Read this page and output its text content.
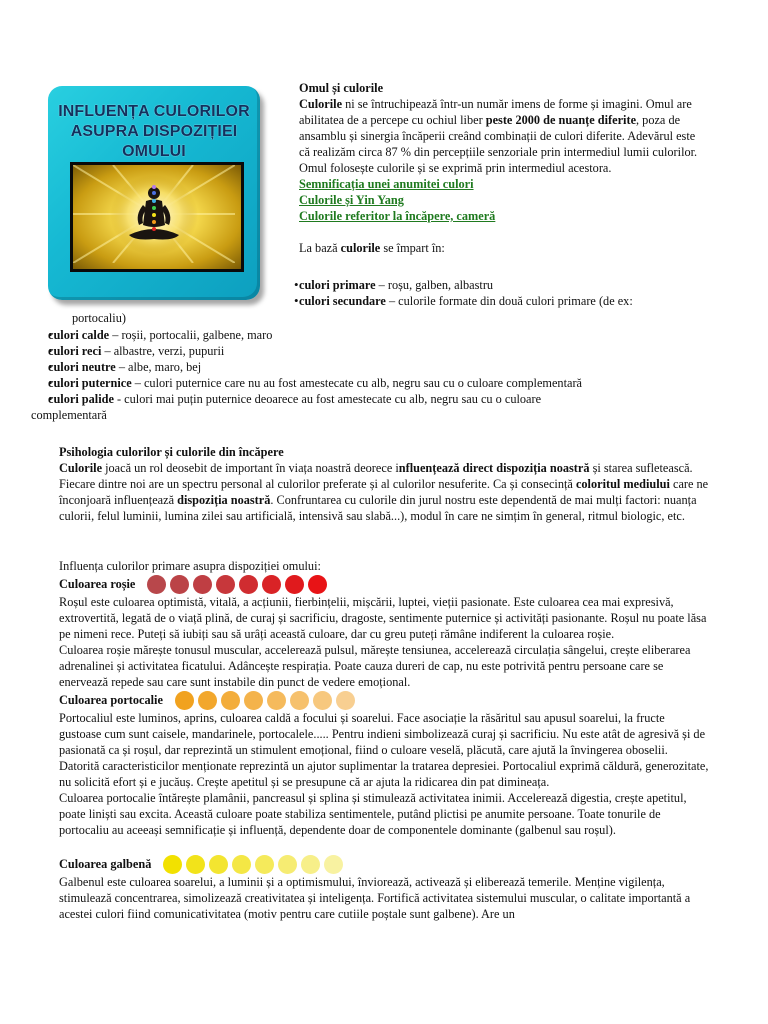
INFLUENȚA CULORILOR
ASUPRA DISPOZIȚIEI OMULUI

Omul și culorile

Culorile ni se întruchipează într-un număr imens de forme și imagini. Omul are abilitatea de a percepe cu ochiul liber peste 2000 de nuanțe diferite, poza de ansamblu și sinergia încăperii creând combinații de culori diferite. Adevărul este că realizăm circa 87 % din percepțiile senzoriale prin intermediul lumii culorilor. Omul folosește culorile și se exprimă prin intermediul acestora.

Semnificația unei anumitei culori
Culorile și Yin Yang
Culorile referitor la încăpere, cameră

La bază culorile se împart în:

• culori primare – roșu, galben, albastru
• culori secundare – culorile formate din două culori primare (de ex:
portocaliu)
• culori calde – roșii, portocalii, galbene, maro
• culori reci – albastre, verzi, pupurii
• culori neutre – albe, maro, bej
• culori puternice – culori puternice care nu au fost amestecate cu alb, negru sau cu o culoare complementară
• culori palide - culori mai puțin puternice deoarece au fost amestecate cu alb, negru sau cu o culoare
complementară

Psihologia culorilor și culorile din încăpere

Culorile joacă un rol deosebit de important în viața noastră deorece influențează direct dispoziția noastră și starea sufletească. Fiecare dintre noi are un spectru personal al culorilor preferate și al culorilor nesuferite. Ca și consecință coloritul mediului care ne înconjoară influențează dispoziția noastră. Confruntarea cu culorile din jurul nostru este dependentă de mai mulți factori: nuanța culorii, felul luminii, lumina zilei sau artificială, intensivă sau slabă...), modul în care ne simțim în general, ritmul biologic, etc.

Influența culorilor primare asupra dispoziției omului:

Culoarea roșie

Roșul este culoarea optimistă, vitală, a acțiunii, fierbințelii, mișcării, luptei, vieții pasionate. Este culoarea cea mai expresivă, extrovertită, legată de o viață plină, de curaj și sacrificiu, dragoste, sentimente puternice și activități pasionante. Roșul nu poate lăsa pe nimeni rece. Puteți să iubiți sau să urâți această culoare, dar cu greu puteți rămâne indiferent la culoarea roșie.

Culoarea roșie mărește tonusul muscular, accelerează pulsul, mărește tensiunea, accelerează circulația sângelui, crește eliberarea adrenalinei și activitatea ficatului. Adâncește respirația. Poate cauza dureri de cap, nu este potrivită pentru persoane care se enervează repede sau care sunt instabile din punct de vedere emoțional.

Culoarea portocalie

Portocaliul este luminos, aprins, culoarea caldă a focului și soarelui. Face asociație la răsăritul sau apusul soarelui, la fructe gustoase cum sunt caisele, mandarinele, portocalele..... Pentru indieni simbolizează curaj și sacrificiu. Nu este atât de agresivă și de pasionată ca și roșul, dar reprezintă un stimulent emoțional, fiind o culoare veselă, plăcută, care ajută la învingerea oboselii. Datorită caracteristicilor menționate reprezintă un ajutor suplimentar la tratarea depresiei. Portocaliul exprimă căldură, generozitate, nu solicită efort și e jucăuș. Crește apetitul și se presupune că ar ajuta la ridicarea din pat dimineața.

Culoarea portocalie întărește plamânii, pancreasul și splina și stimulează activitatea inimii. Accelerează digestia, crește apetitul, poate liniști sau excita. Această culoare poate stabiliza sentimentele, putând plictisi pe anumite persoane. Toate tonurile de portocaliu au aceeași semnificație și influență, dependente doar de componentele dominante (galbenul sau roșul).

Culoarea galbenă

Galbenul este culoarea soarelui, a luminii și a optimismului, înviorează, activează și eliberează temerile. Menține vigilența, stimulează concentrarea, simolizează creativitatea și inteligența. Fortifică activitatea sistemului muscular, o calitate importantă a acestei culori fiind comunicativitatea (motiv pentru care cutiile poștale sunt galbene). Are un
